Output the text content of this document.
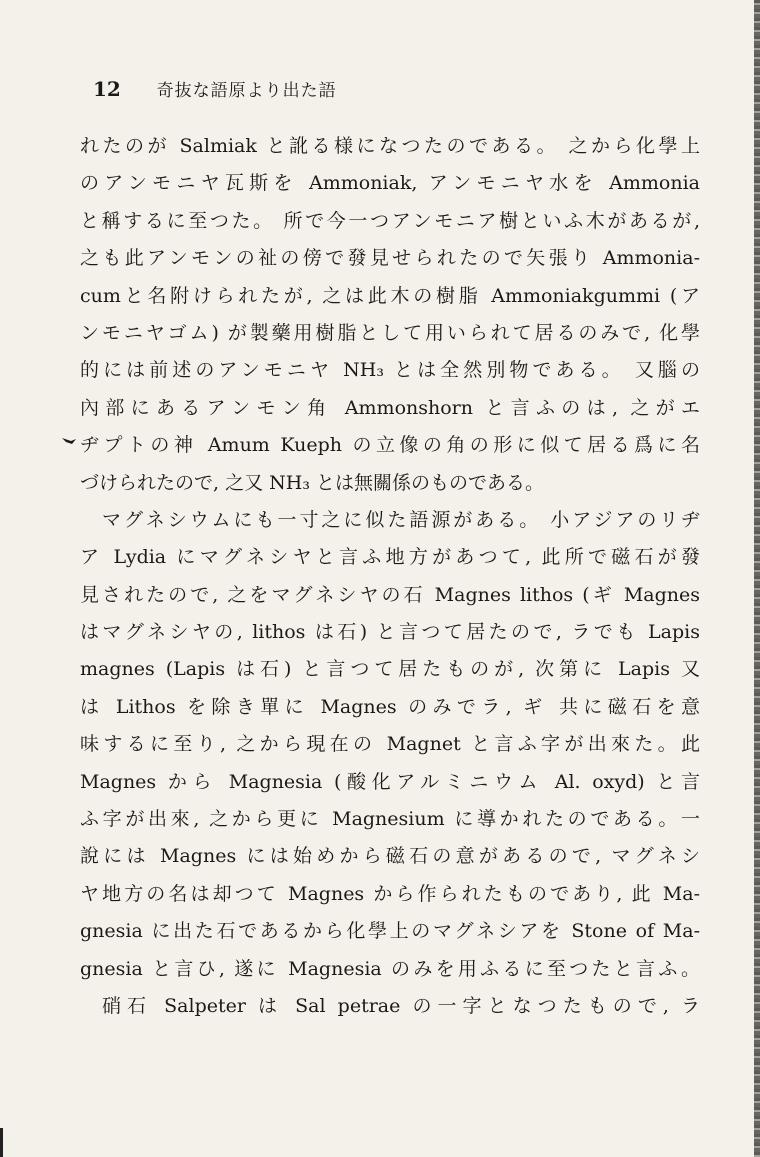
12 奇抜な語原より出た語
れたのが Salmiak と訛る様になつたのである。 之から化學上
のアンモニヤ瓦斯を Ammoniak, アンモニヤ水を Ammonia
と稱するに至つた。 所で今一つアンモニア樹といふ木があるが,
之も此アンモンの祉の傍で發見せられたので矢張り Ammonia-
cumと名附けられたが, 之は此木の樹脂 Ammoniakgummi (ア
ンモニヤゴム) が製藥用樹脂として用いられて居るのみで, 化學
的には前述のアンモニヤ NH₃ とは全然別物である。 又腦の
內部にあるアンモン角 Ammonshorn と言ふのは, 之がエ
ヂプトの神 Amum Kueph の立像の角の形に似て居る爲に名
づけられたので, 之又 NH₃ とは無關係のものである。
マグネシウムにも一寸之に似た語源がある。 小アジアのリヂ
ア Lydia にマグネシヤと言ふ地方があつて, 此所で磁石が發
見されたので, 之をマグネシヤの石 Magnes lithos (ギ Magnes
はマグネシヤの, lithos は石) と言つて居たので, ラでも Lapis
magnes (Lapis は石) と言つて居たものが, 次第に Lapis 又
は Lithos を除き單に Magnes のみでラ, ギ 共に磁石を意
味するに至り, 之から現在の Magnet と言ふ字が出來た。此
Magnes から Magnesia (酸化アルミニウム Al. oxyd) と言
ふ字が出來, 之から更に Magnesium に導かれたのである。一
說には Magnes には始めから磁石の意があるので, マグネシ
ヤ地方の名は却つて Magnes から作られたものであり, 此 Ma-
gnesia に出た石であるから化學上のマグネシアを Stone of Ma-
gnesia と言ひ, 遂に Magnesia のみを用ふるに至つたと言ふ。
硝石 Salpeter は Sal petrae の一字となつたもので, ラ
